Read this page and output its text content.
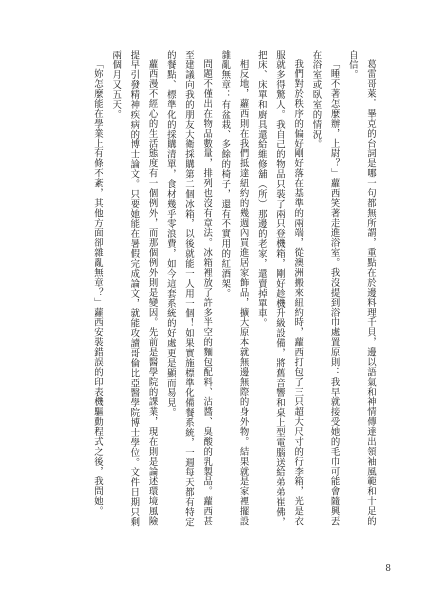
葛雷哥萊．畢克的台詞是哪一句都無所謂，重點在於邊料理千貝，邊以語氣和神情傳達出領袖風範和十足的自信。

「睡不著怎麼辦，上尉？」蘿西笑著走進浴室。我沒提到浴巾處置原則：我早就接受她的毛巾可能會隨興丟在浴室或臥室的情況。

我們對於秩序的偏好剛好落在基準的兩端，從澳洲搬來紐約時，蘿西打包了三只超大尺寸的行李箱，光是衣服就多得驚人。我自己的物品只裝了兩只登機箱，剛好趁機升級設備，將舊音響和桌上型電腦送給弟弟崔佛，把床、床單和廚具還給維修舖（所）那邊的老家，還賣掉單車。

相反地，蘿西則在我們抵達紐約的幾週內買進居家飾品，擴大原本就無邊無際的身外物。結果就是家裡擺設雜亂無章：有盆栽、多餘的椅子，還有不實用的紅酒架。

問題不僅出在物品數量，排列也沒有章法。冰箱裡放了許多半空的麵包配料、沾醬、臭酸的乳製品。蘿西甚至建議向我的朋友大衛採購第二個冰箱，以後就能一人用一個！如果實施標準化備餐系統，一週每天都有特定的餐點、標準化的採購清單，食材幾乎零浪費，如今這套系統的好處更是顯而易見。

蘿西漫不經心的生活態度有一個例外，而那個例外則是變因。先前是醫學院的課業，現在則是論述環境風險提早引發精神疾病的博士論文。只要她能在暑假完成論文，就能攻讀哥倫比亞醫學院博士學位。文件日期只剩兩個月又五天。

「妳怎麼能在學業上有條不紊，其他方面卻雜亂無章？」蘿西安裝錯誤的印表機驅動程式之後，我問她。

8
